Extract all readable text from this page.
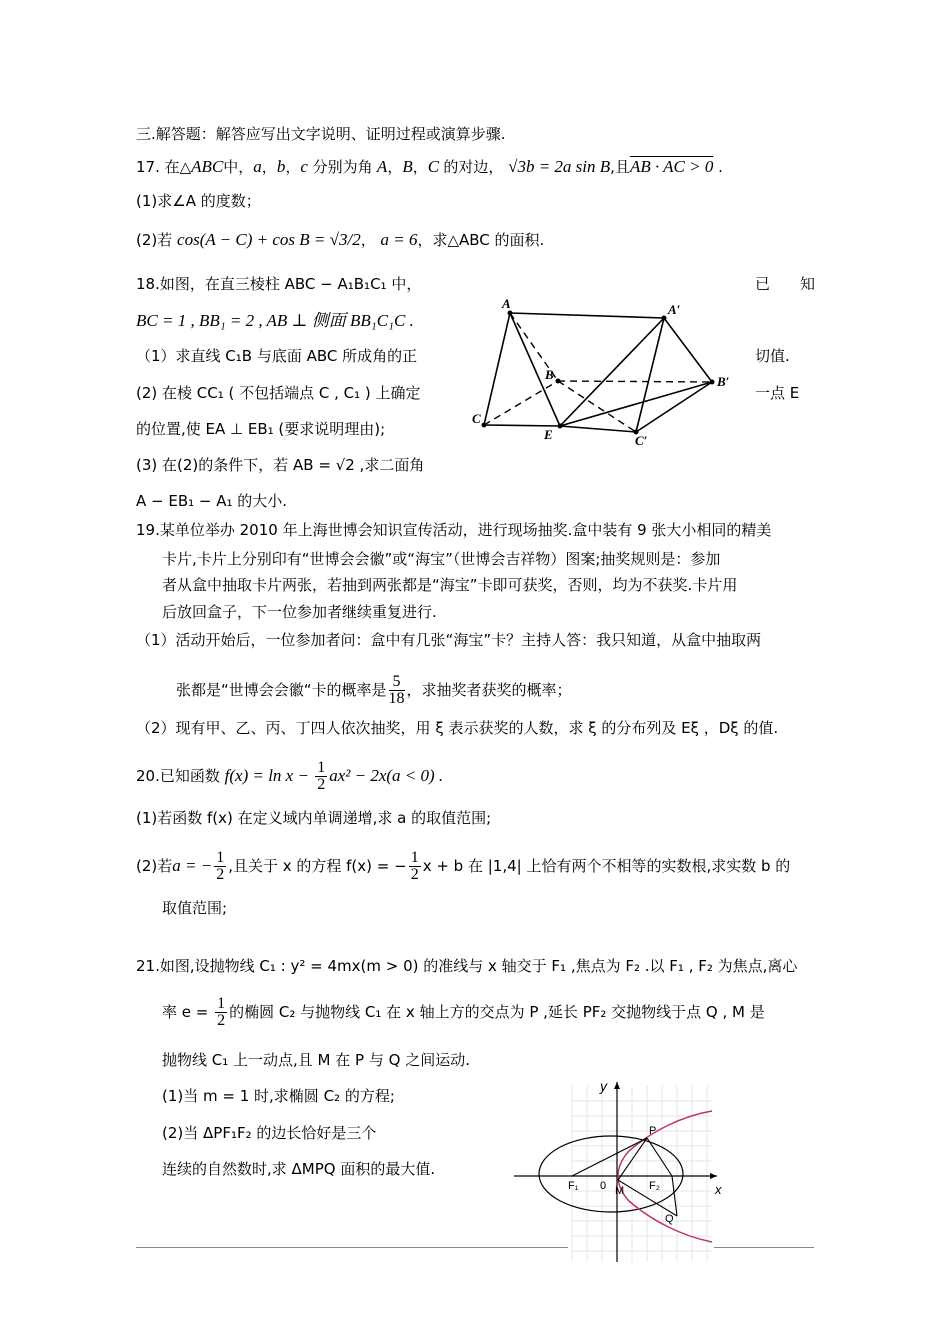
三.解答题：解答应写出文字说明、证明过程或演算步骤.
17. 在△ABC中，a，b，c 分别为角 A，B，C 的对边， √3b = 2a sin B,且AB · AC > 0 .
(1)求∠A 的度数；
(2)若 cos(A − C) + cos B = √3/2， a = 6，求△ABC 的面积.
18.如图，在直三棱柱 ABC − A₁B₁C₁ 中，	已 知
BC = 1 , BB₁ = 2 , AB ⊥ 侧面 BB₁C₁C .
（1）求直线 C₁B 与底面 ABC 所成角的正	切值.
(2) 在棱 CC₁ ( 不包括端点 C , C₁ ) 上确定	一点 E
的位置,使 EA ⊥ EB₁ (要求说明理由);
(3) 在(2)的条件下，若 AB = √2 ,求二面角
A − EB₁ − A₁ 的大小.
A	A′
B	B′
C
C′
E
19.某单位举办 2010 年上海世博会知识宣传活动，进行现场抽奖.盒中装有 9 张大小相同的精美
卡片,卡片上分别印有“世博会会徽”或“海宝”（世博会吉祥物）图案;抽奖规则是：参加
者从盒中抽取卡片两张，若抽到两张都是“海宝”卡即可获奖，否则，均为不获奖.卡片用
后放回盒子，下一位参加者继续重复进行.
（1）活动开始后，一位参加者问：盒中有几张“海宝”卡？主持人答：我只知道，从盒中抽取两
张都是“世博会会徽“卡的概率是 $\frac{5}{18}$ ，求抽奖者获奖的概率；
（2）现有甲、乙、丙、丁四人依次抽奖，用 ξ 表示获奖的人数，求 ξ 的分布列及 Eξ ，Dξ 的值.
20.已知函数 $f(x) = \ln x - \frac{1}{2} ax^2 - 2x(a < 0)$ .
(1)若函数 f(x) 在定义域内单调递增,求 a 的取值范围;
(2)若a = − $\frac{1}{2}$ ,且关于 x 的方程 f(x) = − $\frac{1}{2}$ x + b 在 |1,4| 上恰有两个不相等的实数根,求实数 b 的
取值范围;
21.如图,设抛物线 C₁ : y² = 4mx(m > 0) 的准线与 x 轴交于 F₁ ,焦点为 F₂ .以 F₁ , F₂ 为焦点,离心
率 $e = \frac{1}{2}$ 的椭圆 C₂ 与抛物线 C₁ 在 x 轴上方的交点为 P ,延长 PF₂ 交抛物线于点 Q , M 是
抛物线 C₁ 上一动点,且 M 在 P 与 Q 之间运动.
(1)当 m = 1 时,求椭圆 C₂ 的方程;
(2)当 ΔPF₁F₂ 的边长恰好是三个
连续的自然数时,求 ΔMPQ 面积的最大值.
y
x
P
Q
M
F₁	F₂
0
